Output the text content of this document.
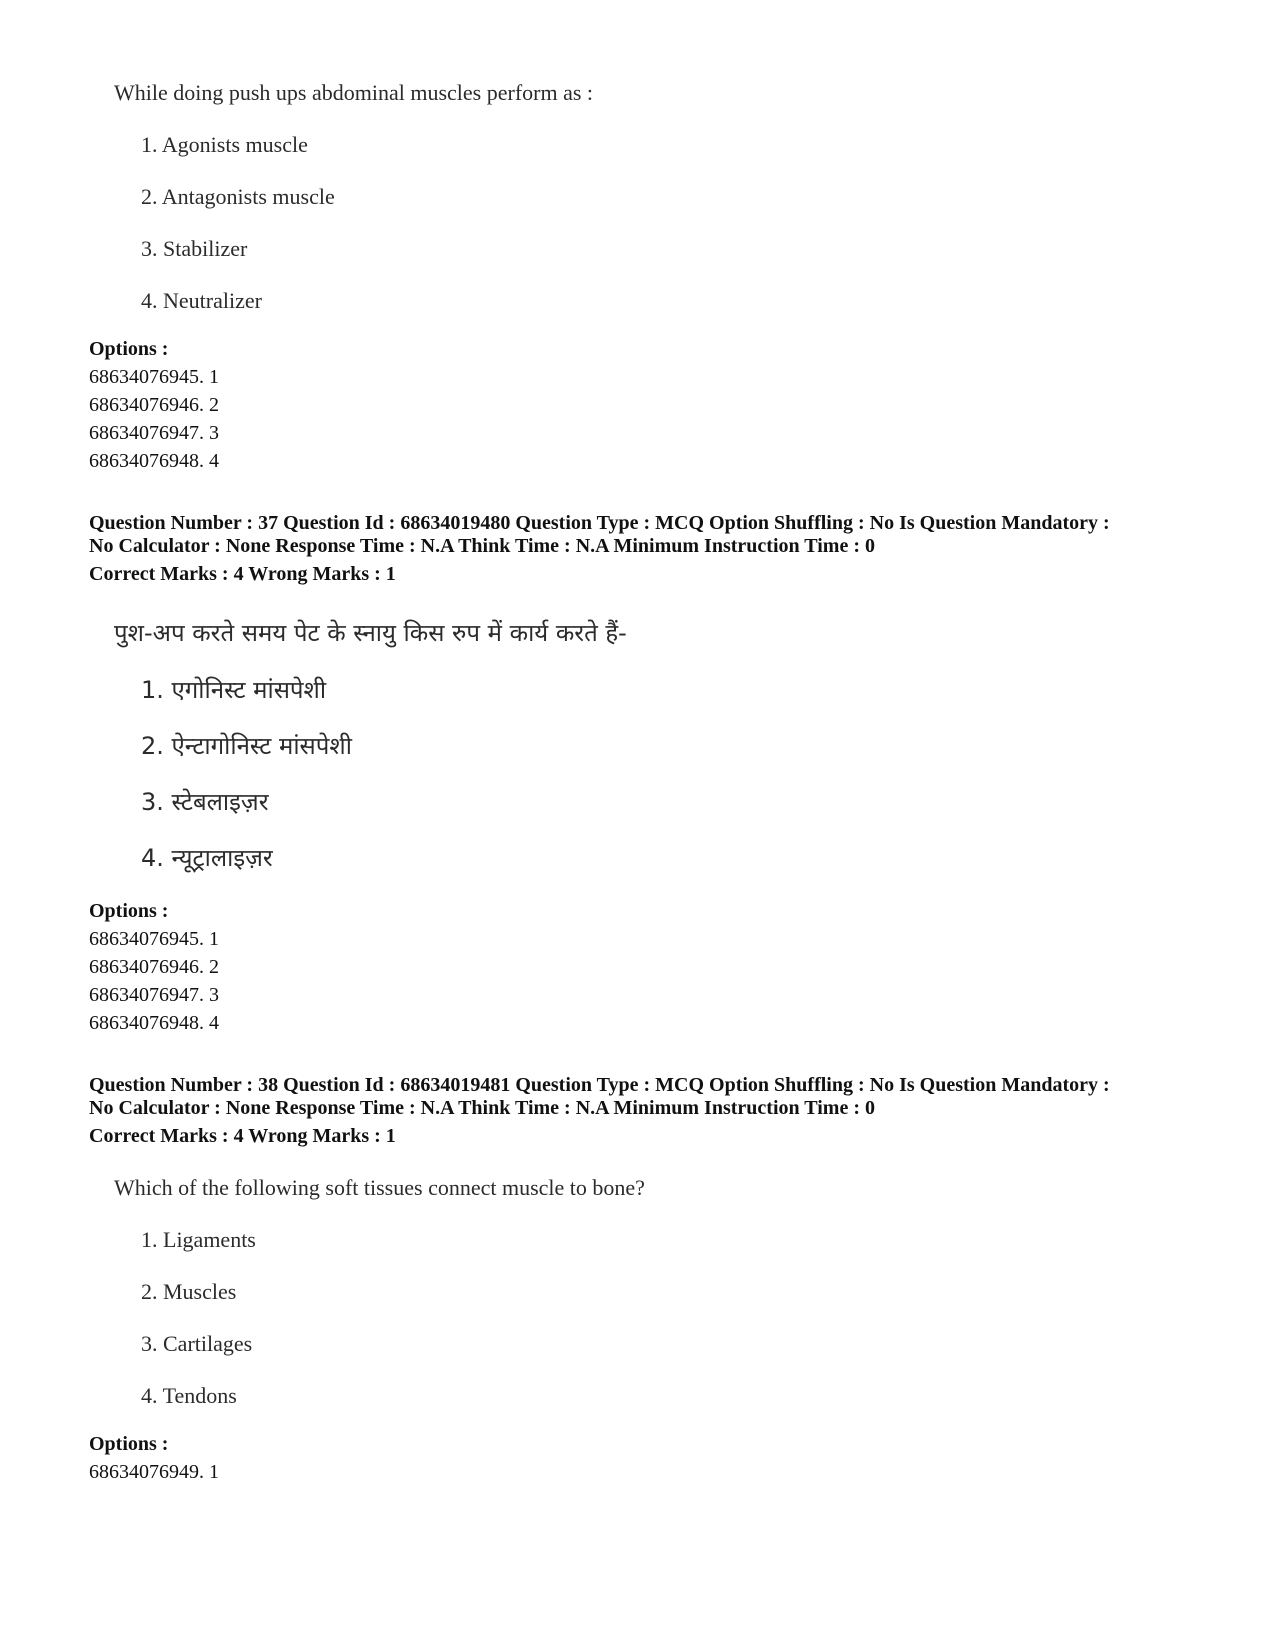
While doing push ups abdominal muscles perform as :
1. Agonists muscle
2. Antagonists muscle
3. Stabilizer
4. Neutralizer
Options :
68634076945. 1
68634076946. 2
68634076947. 3
68634076948. 4
Question Number : 37 Question Id : 68634019480 Question Type : MCQ Option Shuffling : No Is Question Mandatory :
No Calculator : None Response Time : N.A Think Time : N.A Minimum Instruction Time : 0
Correct Marks : 4 Wrong Marks : 1
पुश-अप करते समय पेट के स्नायु किस रुप में कार्य करते हैं-
1. एगोनिस्ट मांसपेशी
2. ऐन्टागोनिस्ट मांसपेशी
3. स्टेबलाइज़र
4. न्यूट्रालाइज़र
Options :
68634076945. 1
68634076946. 2
68634076947. 3
68634076948. 4
Question Number : 38 Question Id : 68634019481 Question Type : MCQ Option Shuffling : No Is Question Mandatory :
No Calculator : None Response Time : N.A Think Time : N.A Minimum Instruction Time : 0
Correct Marks : 4 Wrong Marks : 1
Which of the following soft tissues connect muscle to bone?
1. Ligaments
2. Muscles
3. Cartilages
4. Tendons
Options :
68634076949. 1
